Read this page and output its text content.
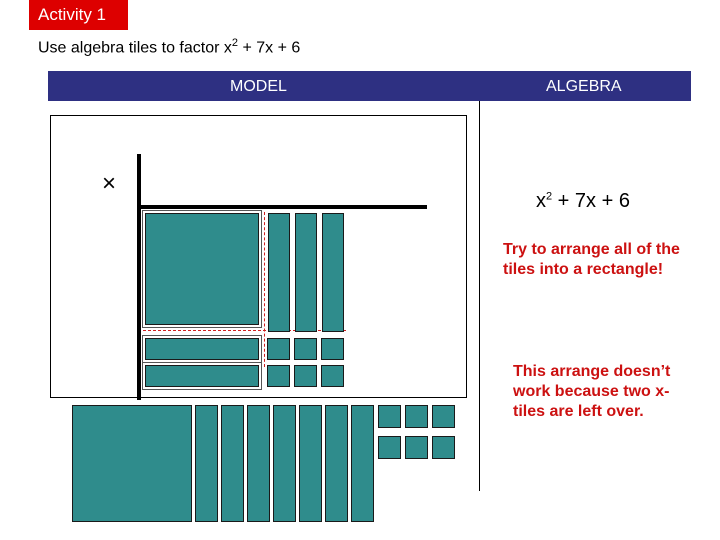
Activity 1
Use algebra tiles to factor $x^2 + 7x + 6$
MODEL	ALGEBRA
×
$x^2 + 7x + 6$
Try to arrange all of the tiles into a rectangle!
This arrange doesn’t work because two x-tiles are left over.
